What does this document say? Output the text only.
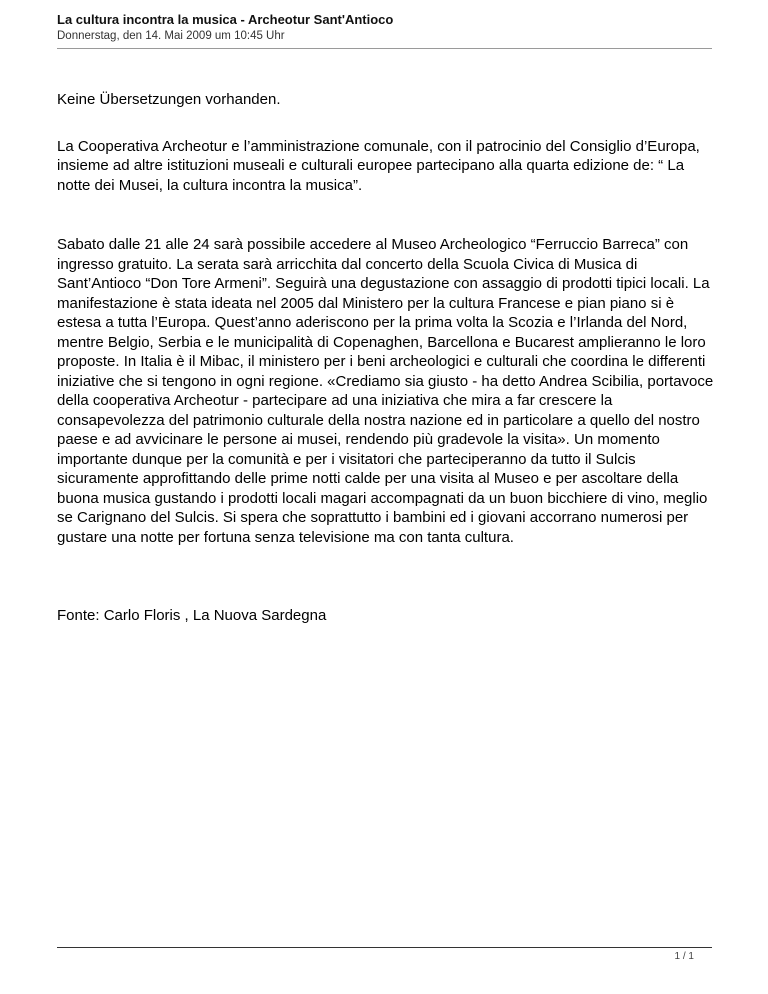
La cultura incontra la musica - Archeotur Sant'Antioco
Donnerstag, den 14. Mai 2009 um 10:45 Uhr

Keine Übersetzungen vorhanden.

La Cooperativa Archeotur e l’amministrazione comunale, con il patrocinio del Consiglio d’Europa, insieme ad altre istituzioni museali e culturali europee partecipano alla quarta edizione de: “ La notte dei Musei, la cultura incontra la musica”.

Sabato dalle 21 alle 24 sarà possibile accedere al Museo Archeologico “Ferruccio Barreca” con ingresso gratuito. La serata sarà arricchita dal concerto della Scuola Civica di Musica di Sant’Antioco “Don Tore Armeni”. Seguirà una degustazione con assaggio di prodotti tipici locali. La manifestazione è stata ideata nel 2005 dal Ministero per la cultura Francese e pian piano si è estesa a tutta l’Europa. Quest’anno aderiscono per la prima volta la Scozia e l’Irlanda del Nord, mentre Belgio, Serbia e le municipalità di Copenaghen, Barcellona e Bucarest amplieranno le loro proposte. In Italia è il Mibac, il ministero per i beni archeologici e culturali che coordina le differenti iniziative che si tengono in ogni regione. «Crediamo sia giusto - ha detto Andrea Scibilia, portavoce della cooperativa Archeotur - partecipare ad una iniziativa che mira a far crescere la consapevolezza del patrimonio culturale della nostra nazione ed in particolare a quello del nostro paese e ad avvicinare le persone ai musei, rendendo più gradevole la visita». Un momento importante dunque per la comunità e per i visitatori che parteciperanno da tutto il Sulcis sicuramente approfittando delle prime notti calde per una visita al Museo e per ascoltare della buona musica gustando i prodotti locali magari accompagnati da un buon bicchiere di vino, meglio se Carignano del Sulcis. Si spera che soprattutto i bambini ed i giovani accorrano numerosi per gustare una notte per fortuna senza televisione ma con tanta cultura.

Fonte: Carlo Floris , La Nuova Sardegna

1 / 1
